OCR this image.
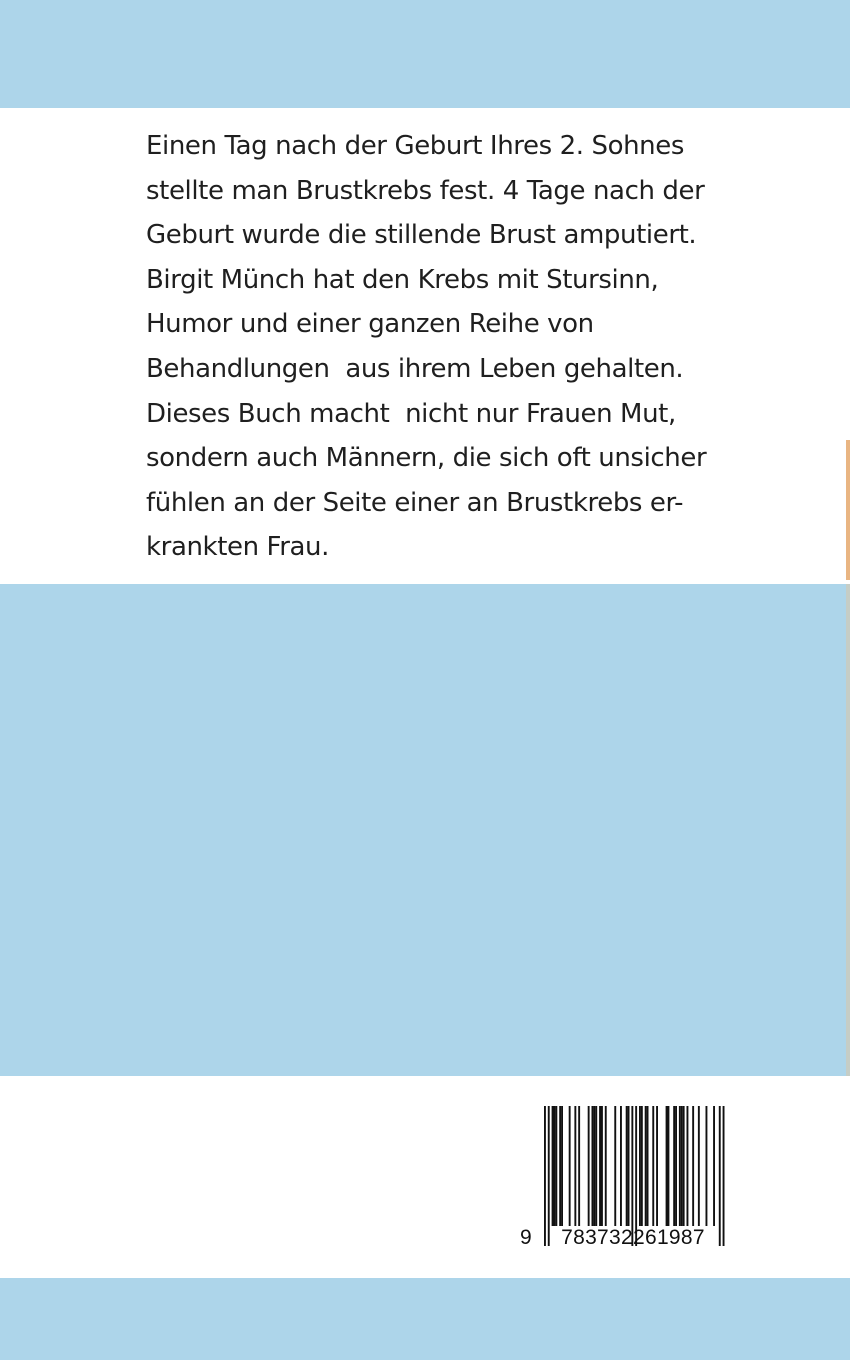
Einen Tag nach der Geburt Ihres 2. Sohnes
stellte man Brustkrebs fest. 4 Tage nach der
Geburt wurde die stillende Brust amputiert.
Birgit Münch hat den Krebs mit Stursinn,
Humor und einer ganzen Reihe von
Behandlungen  aus ihrem Leben gehalten.
Dieses Buch macht  nicht nur Frauen Mut,
sondern auch Männern, die sich oft unsicher
fühlen an der Seite einer an Brustkrebs er-
krankten Frau.

9	783732261987
